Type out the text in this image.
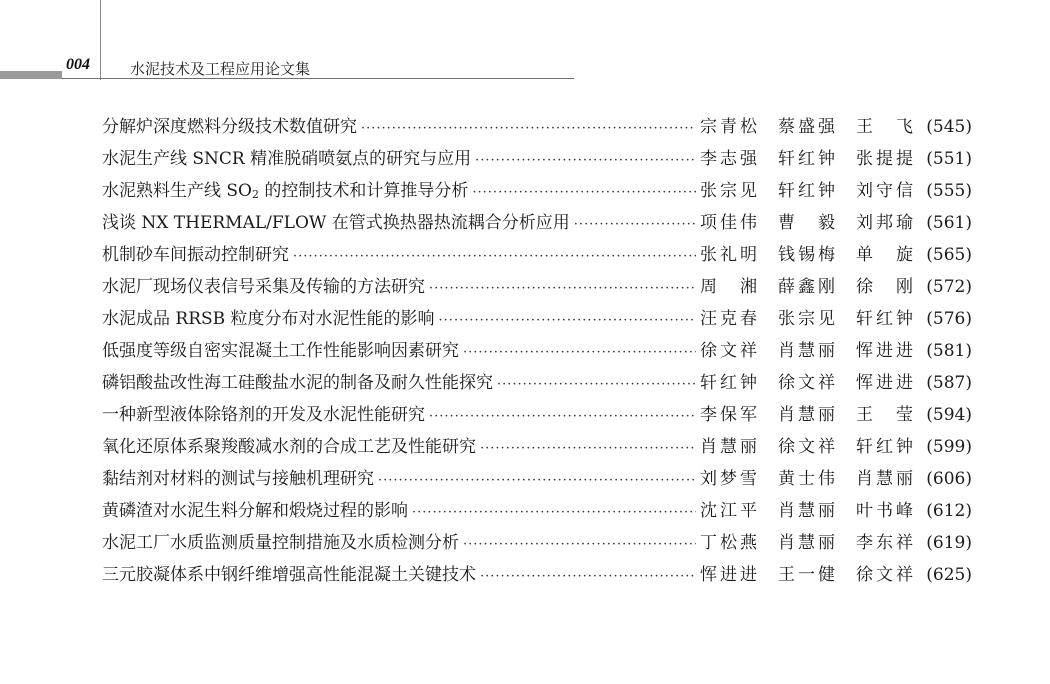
004	水泥技术及工程应用论文集
分解炉深度燃料分级技术数值研究 ·····	宗青松 蔡盛强 王　飞 (545)
水泥生产线 SNCR 精准脱硝喷氨点的研究与应用 ·····	李志强 轩红钟 张提提 (551)
水泥熟料生产线 $SO_2$ 的控制技术和计算推导分析 ·····	张宗见 轩红钟 刘守信 (555)
浅谈 NX THERMAL/FLOW 在管式换热器热流耦合分析应用 ·····	项佳伟 曹　毅 刘邦瑜 (561)
机制砂车间振动控制研究 ·····	张礼明 钱锡梅 单　旋 (565)
水泥厂现场仪表信号采集及传输的方法研究 ·····	周　湘 薛鑫刚 徐　刚 (572)
水泥成品 RRSB 粒度分布对水泥性能的影响 ·····	汪克春 张宗见 轩红钟 (576)
低强度等级自密实混凝土工作性能影响因素研究 ·····	徐文祥 肖慧丽 恽进进 (581)
磷铝酸盐改性海工硅酸盐水泥的制备及耐久性能探究 ·····	轩红钟 徐文祥 恽进进 (587)
一种新型液体除铬剂的开发及水泥性能研究 ·····	李保军 肖慧丽 王　莹 (594)
氧化还原体系聚羧酸减水剂的合成工艺及性能研究 ·····	肖慧丽 徐文祥 轩红钟 (599)
黏结剂对材料的测试与接触机理研究 ·····	刘梦雪 黄士伟 肖慧丽 (606)
黄磷渣对水泥生料分解和煅烧过程的影响 ·····	沈江平 肖慧丽 叶书峰 (612)
水泥工厂水质监测质量控制措施及水质检测分析 ·····	丁松燕 肖慧丽 李东祥 (619)
三元胶凝体系中钢纤维增强高性能混凝土关键技术 ·····	恽进进 王一健 徐文祥 (625)
